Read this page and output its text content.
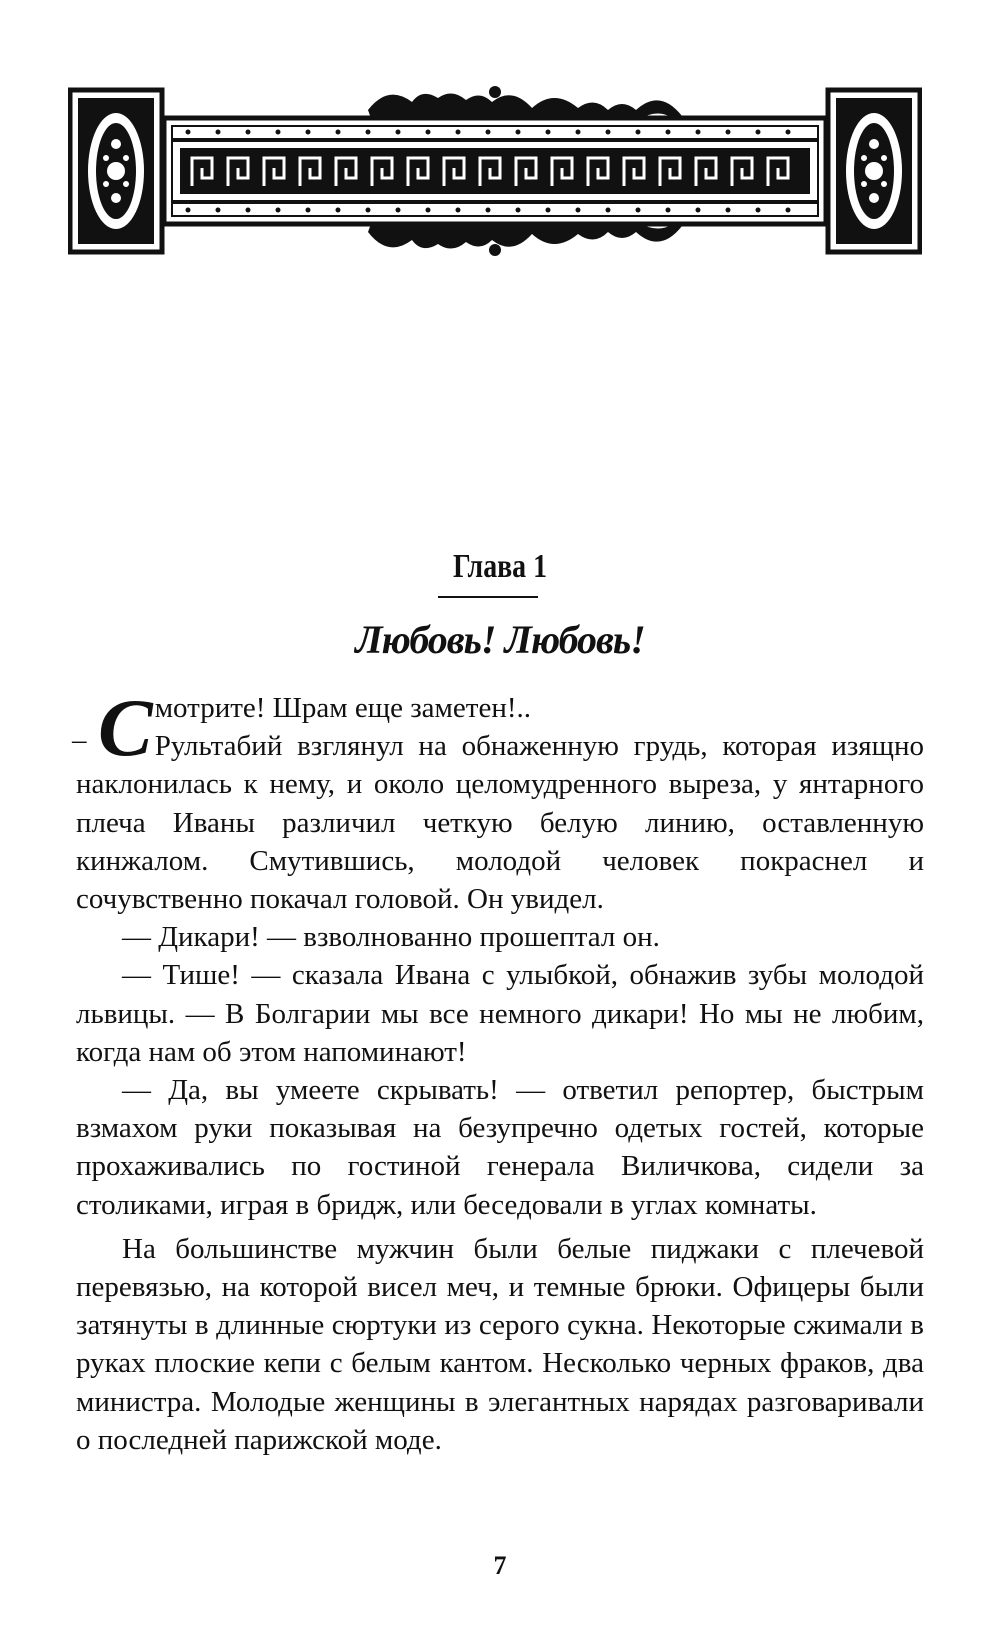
Глава 1
Любовь! Любовь!

– С мотрите! Шрам еще заметен!..
Рультабий взглянул на обнаженную грудь, которая изящно наклонилась к нему, и около целомудренного выреза, у янтарного плеча Иваны различил четкую белую линию, оставленную кинжалом. Смутившись, молодой человек покраснел и сочувственно покачал головой. Он увидел.

— Дикари! — взволнованно прошептал он.

— Тише! — сказала Ивана с улыбкой, обнажив зубы молодой львицы. — В Болгарии мы все немного дикари! Но мы не любим, когда нам об этом напоминают!

— Да, вы умеете скрывать! — ответил репортер, быстрым взмахом руки показывая на безупречно одетых гостей, которые прохаживались по гостиной генерала Виличкова, сидели за столиками, играя в бридж, или беседовали в углах комнаты.

На большинстве мужчин были белые пиджаки с плечевой перевязью, на которой висел меч, и темные брюки. Офицеры были затянуты в длинные сюртуки из серого сукна. Некоторые сжимали в руках плоские кепи с белым кантом. Несколько черных фраков, два министра. Молодые женщины в элегантных нарядах разговаривали о последней парижской моде.

7
